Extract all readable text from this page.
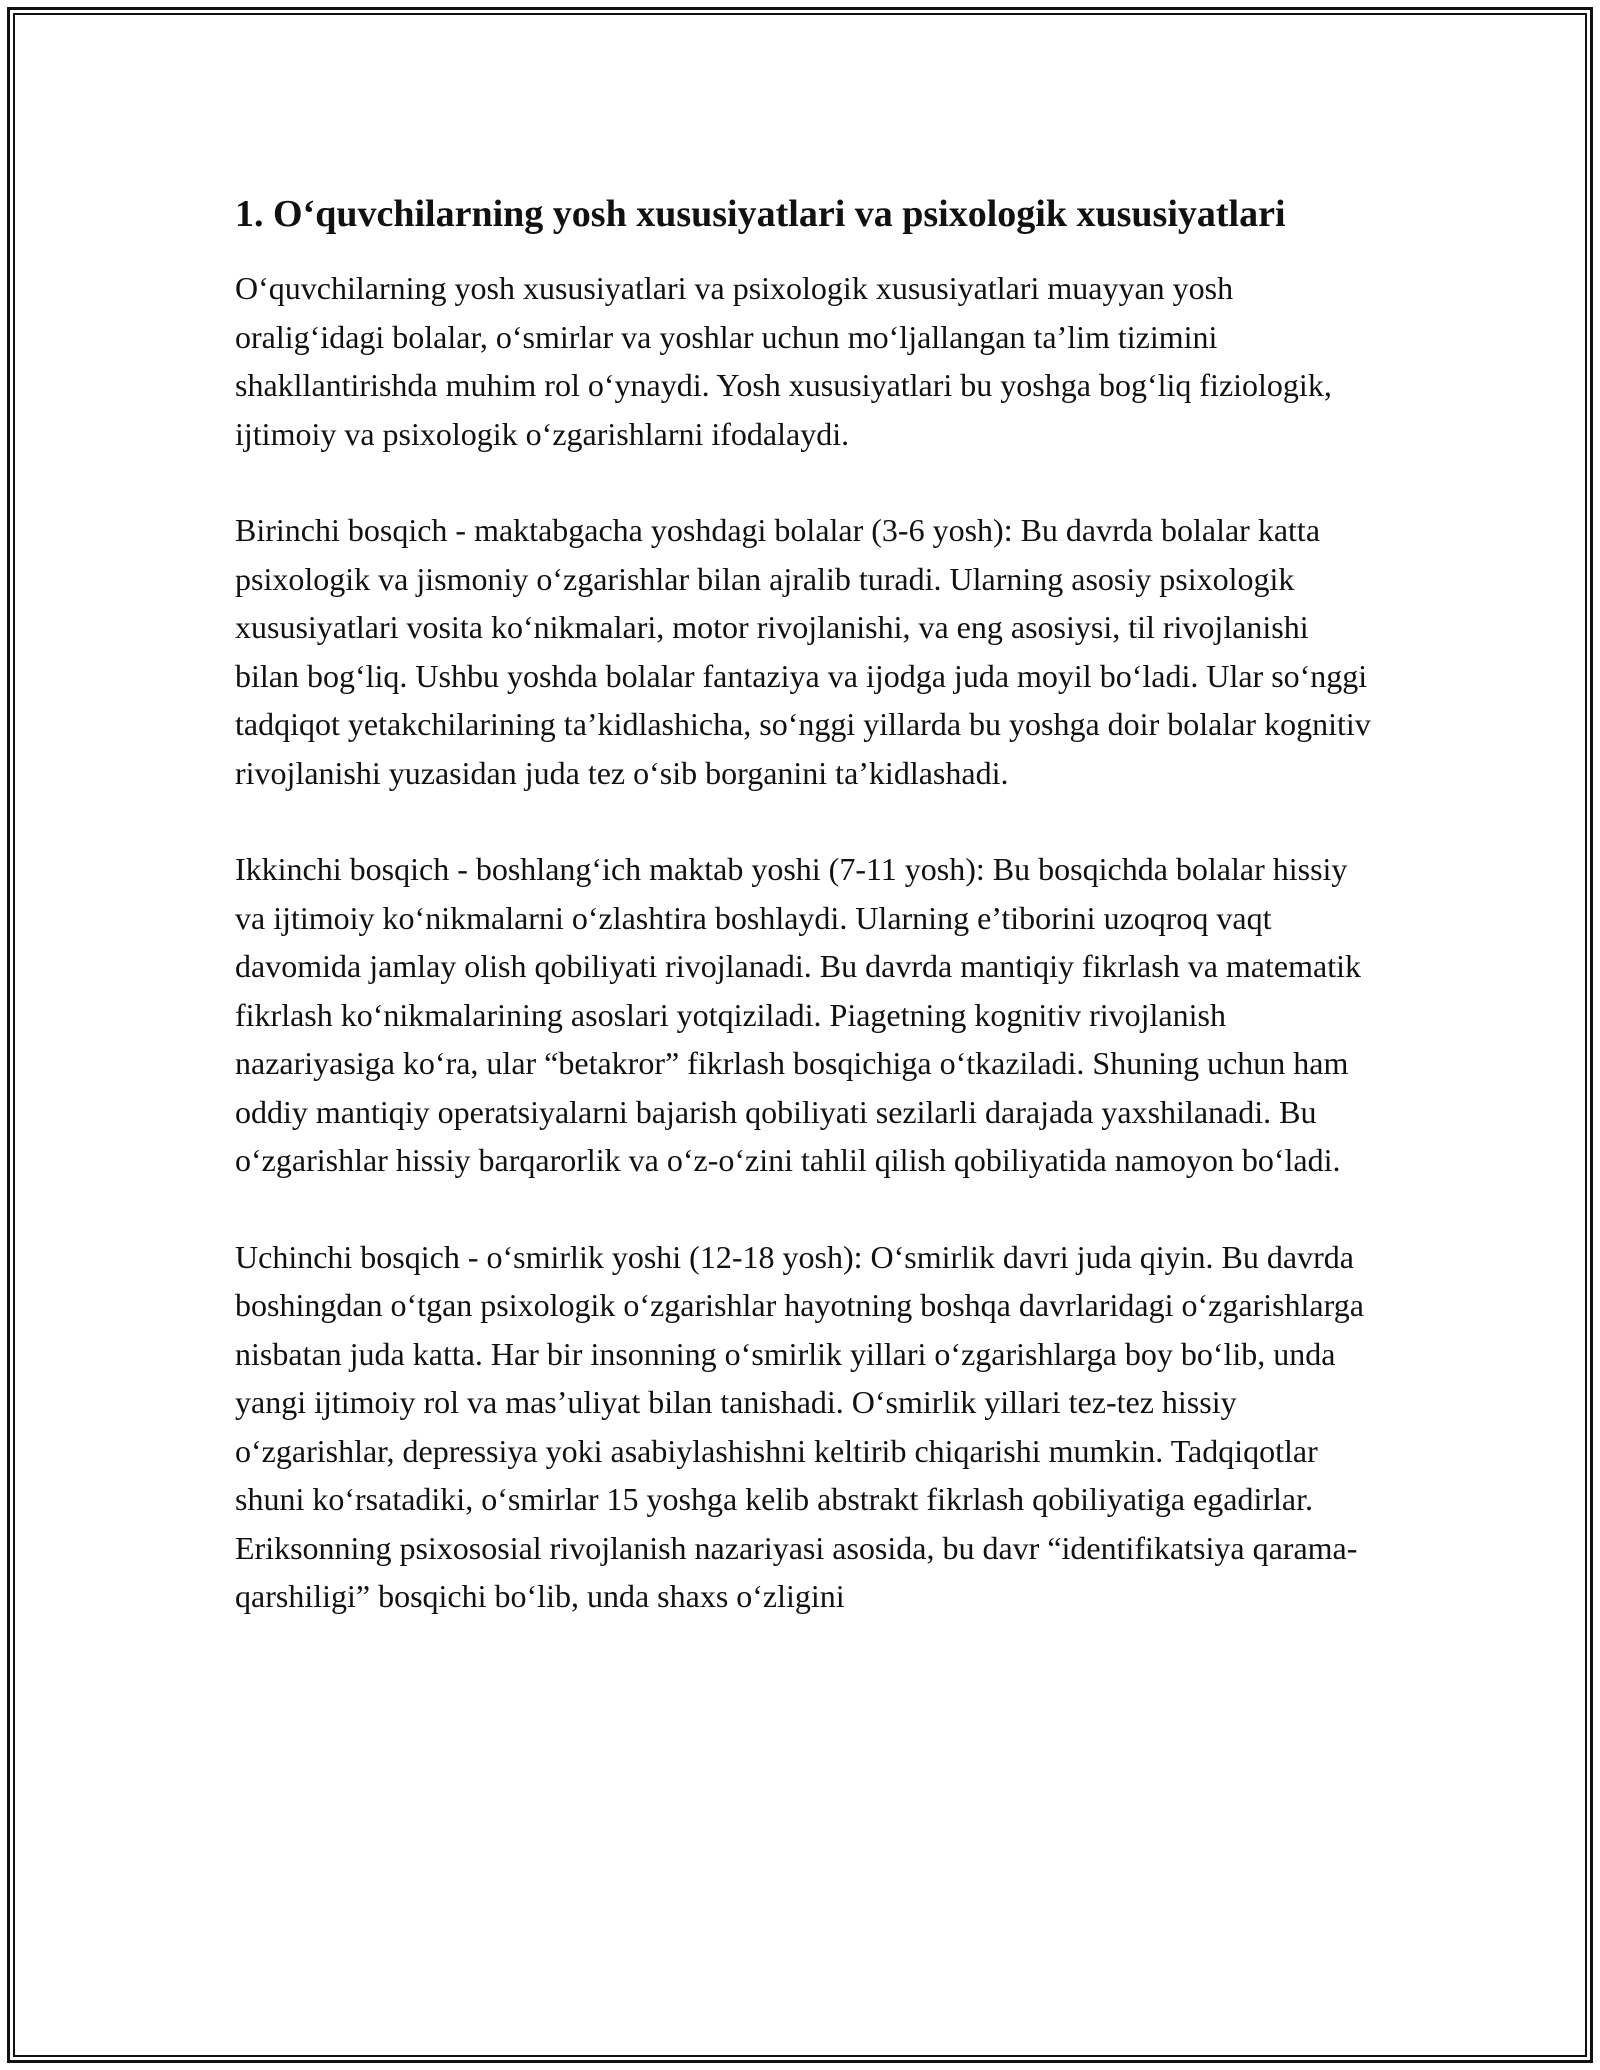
1. O‘quvchilarning yosh xususiyatlari va psixologik xususiyatlari

O‘quvchilarning yosh xususiyatlari va psixologik xususiyatlari muayyan yosh oralig‘idagi bolalar, o‘smirlar va yoshlar uchun mo‘ljallangan ta’lim tizimini shakllantirishda muhim rol o‘ynaydi. Yosh xususiyatlari bu yoshga bog‘liq fiziologik, ijtimoiy va psixologik o‘zgarishlarni ifodalaydi.

Birinchi bosqich - maktabgacha yoshdagi bolalar (3-6 yosh): Bu davrda bolalar katta psixologik va jismoniy o‘zgarishlar bilan ajralib turadi. Ularning asosiy psixologik xususiyatlari vosita ko‘nikmalari, motor rivojlanishi, va eng asosiysi, til rivojlanishi bilan bog‘liq. Ushbu yoshda bolalar fantaziya va ijodga juda moyil bo‘ladi. Ular so‘nggi tadqiqot yetakchilarining ta’kidlashicha, so‘nggi yillarda bu yoshga doir bolalar kognitiv rivojlanishi yuzasidan juda tez o‘sib borganini ta’kidlashadi.

Ikkinchi bosqich - boshlang‘ich maktab yoshi (7-11 yosh): Bu bosqichda bolalar hissiy va ijtimoiy ko‘nikmalarni o‘zlashtira boshlaydi. Ularning e’tiborini uzoqroq vaqt davomida jamlay olish qobiliyati rivojlanadi. Bu davrda mantiqiy fikrlash va matematik fikrlash ko‘nikmalarining asoslari yotqiziladi. Piagetning kognitiv rivojlanish nazariyasiga ko‘ra, ular “betakror” fikrlash bosqichiga o‘tkaziladi. Shuning uchun ham oddiy mantiqiy operatsiyalarni bajarish qobiliyati sezilarli darajada yaxshilanadi. Bu o‘zgarishlar hissiy barqarorlik va o‘z-o‘zini tahlil qilish qobiliyatida namoyon bo‘ladi.

Uchinchi bosqich - o‘smirlik yoshi (12-18 yosh): O‘smirlik davri juda qiyin. Bu davrda boshingdan o‘tgan psixologik o‘zgarishlar hayotning boshqa davrlaridagi o‘zgarishlarga nisbatan juda katta. Har bir insonning o‘smirlik yillari o‘zgarishlarga boy bo‘lib, unda yangi ijtimoiy rol va mas’uliyat bilan tanishadi. O‘smirlik yillari tez-tez hissiy o‘zgarishlar, depressiya yoki asabiylashishni keltirib chiqarishi mumkin. Tadqiqotlar shuni ko‘rsatadiki, o‘smirlar 15 yoshga kelib abstrakt fikrlash qobiliyatiga egadirlar. Eriksonning psixososial rivojlanish nazariyasi asosida, bu davr “identifikatsiya qarama-qarshiligi” bosqichi bo‘lib, unda shaxs o‘zligini
